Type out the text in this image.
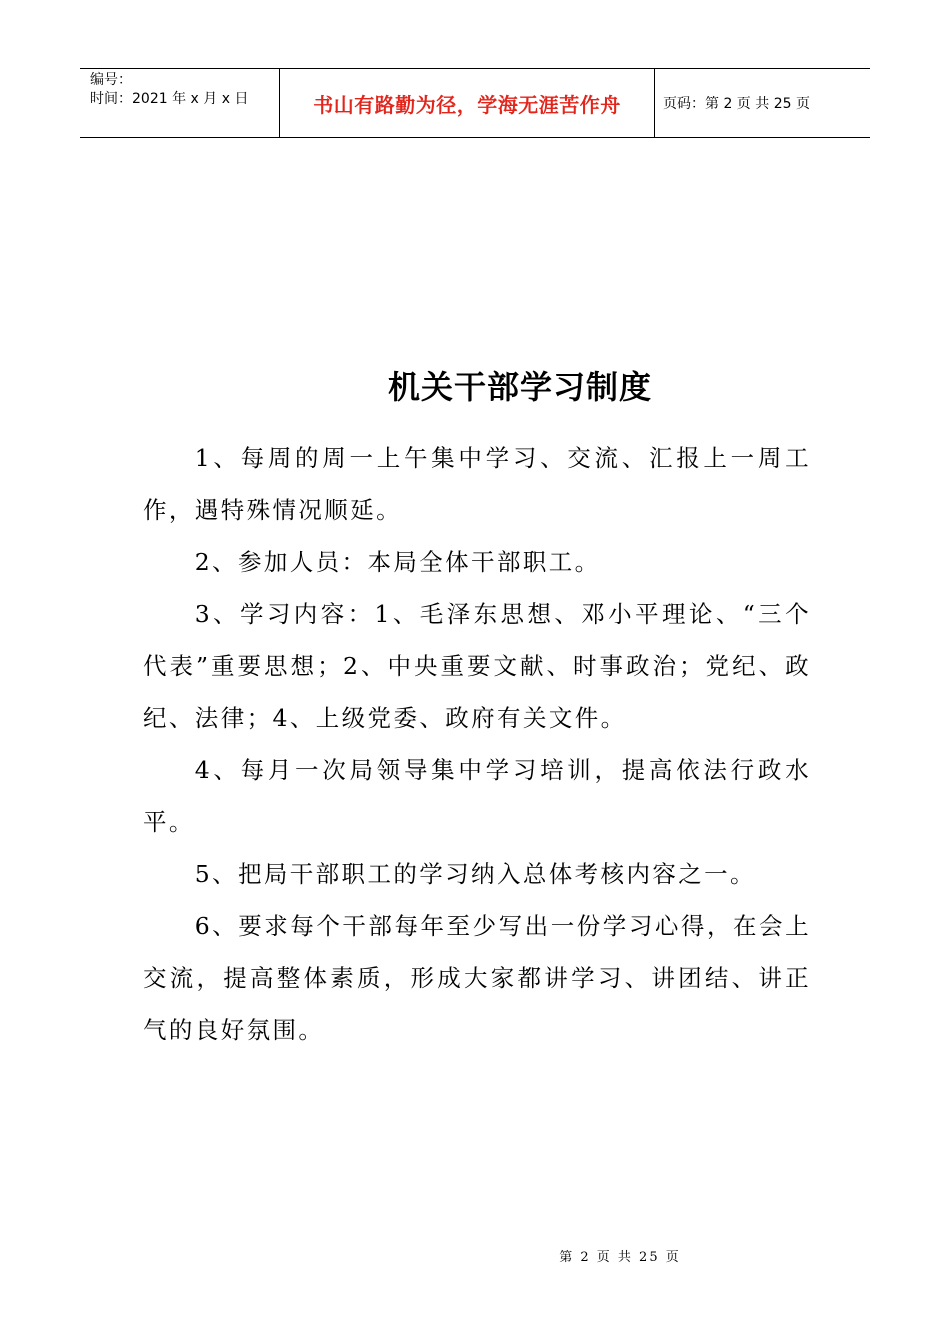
编号：
时间：2021 年 x 月 x 日	书山有路勤为径，学海无涯苦作舟	页码：第 2 页 共 25 页
机关干部学习制度

1、每周的周一上午集中学习、交流、汇报上一周工作，遇特殊情况顺延。

2、参加人员：本局全体干部职工。

3、学习内容：1、毛泽东思想、邓小平理论、“三个代表”重要思想；2、中央重要文献、时事政治；党纪、政纪、法律；4、上级党委、政府有关文件。

4、每月一次局领导集中学习培训，提高依法行政水平。

5、把局干部职工的学习纳入总体考核内容之一。

6、要求每个干部每年至少写出一份学习心得，在会上交流，提高整体素质，形成大家都讲学习、讲团结、讲正气的良好氛围。

第 2 页 共 25 页
